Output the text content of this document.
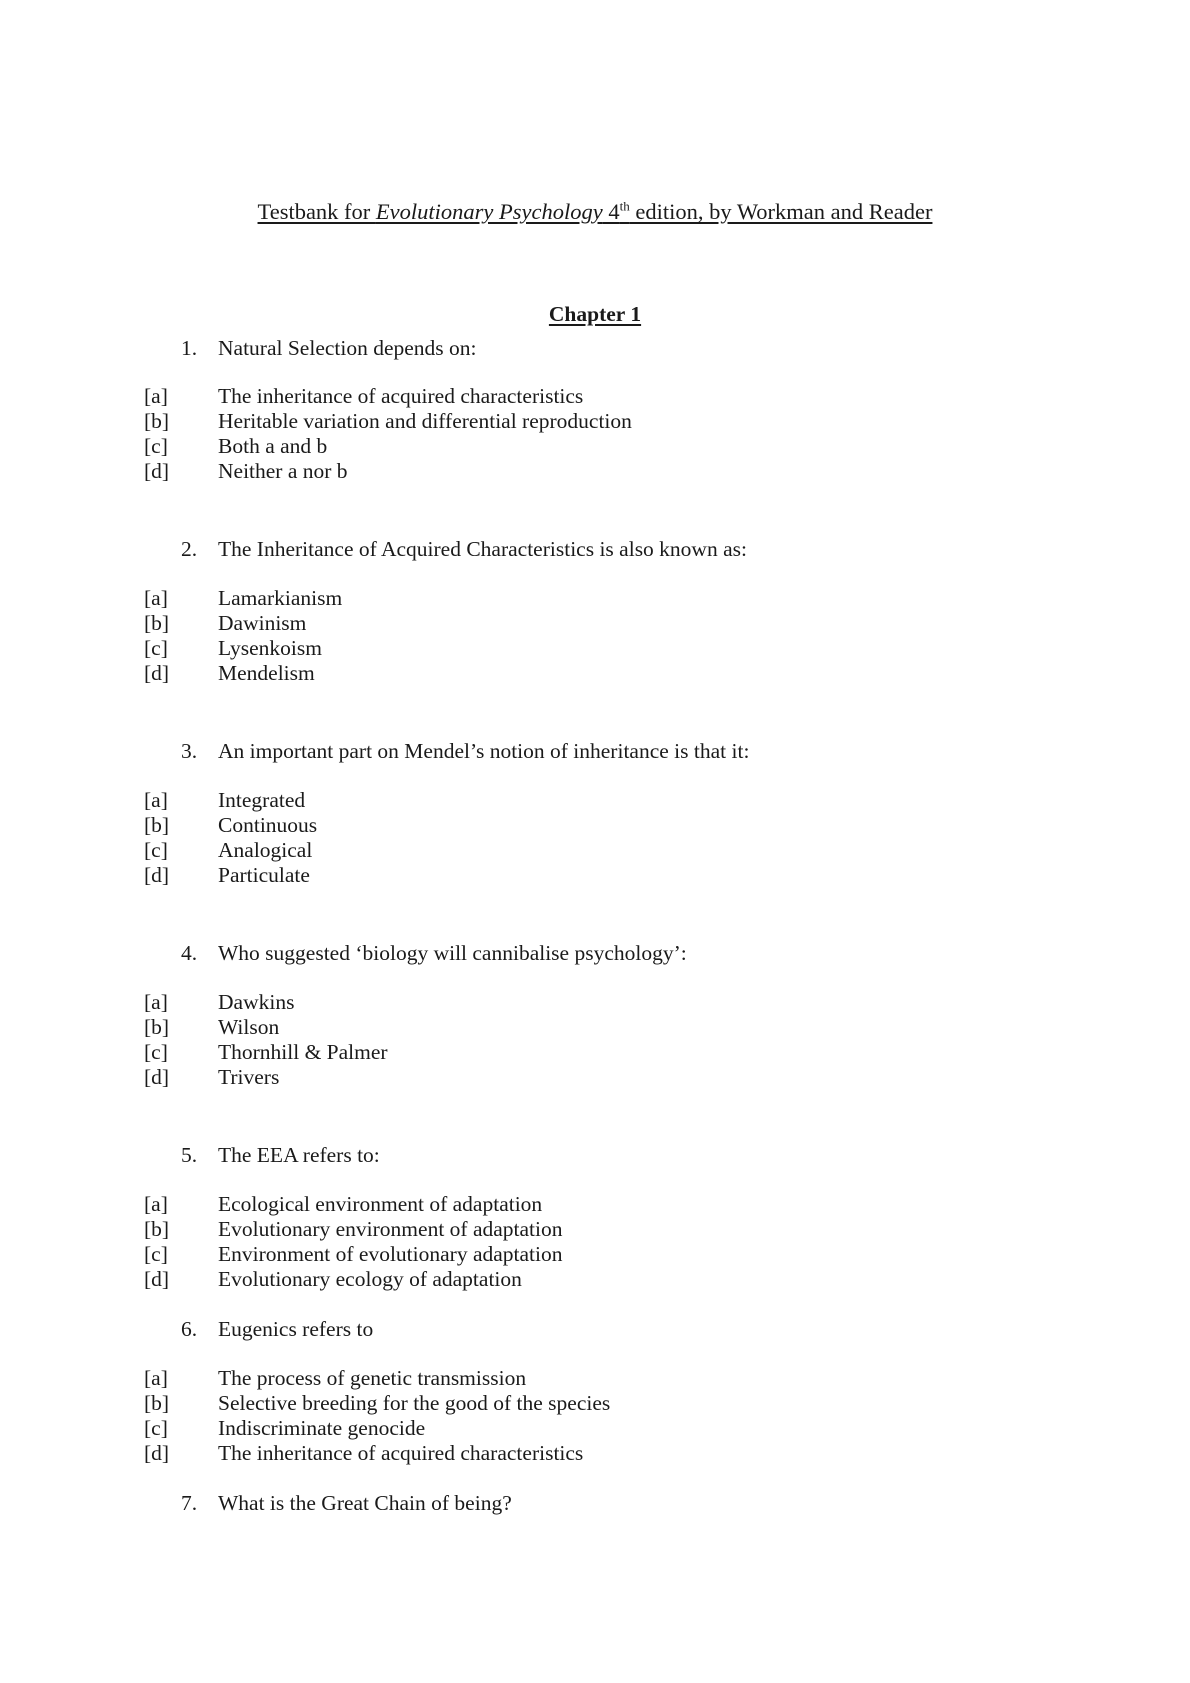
Testbank for Evolutionary Psychology 4th edition, by Workman and Reader
Chapter 1
1. Natural Selection depends on:
[a] The inheritance of acquired characteristics
[b] Heritable variation and differential reproduction
[c] Both a and b
[d] Neither a nor b
2. The Inheritance of Acquired Characteristics is also known as:
[a] Lamarkianism
[b] Dawinism
[c] Lysenkoism
[d] Mendelism
3. An important part on Mendel’s notion of inheritance is that it:
[a] Integrated
[b] Continuous
[c] Analogical
[d] Particulate
4. Who suggested ‘biology will cannibalise psychology’:
[a] Dawkins
[b] Wilson
[c] Thornhill & Palmer
[d] Trivers
5. The EEA refers to:
[a] Ecological environment of adaptation
[b] Evolutionary environment of adaptation
[c] Environment of evolutionary adaptation
[d] Evolutionary ecology of adaptation
6. Eugenics refers to
[a] The process of genetic transmission
[b] Selective breeding for the good of the species
[c] Indiscriminate genocide
[d] The inheritance of acquired characteristics
7. What is the Great Chain of being?
